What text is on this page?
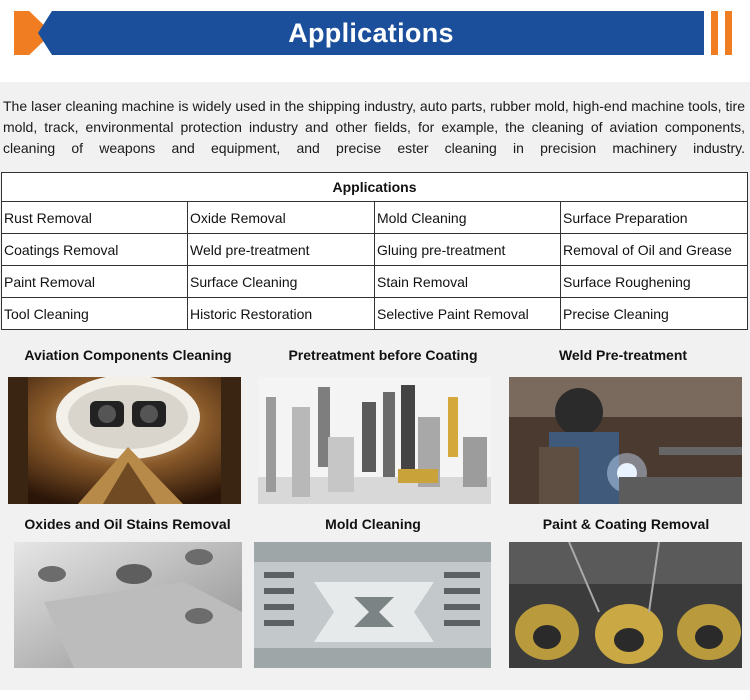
Applications

The laser cleaning machine is widely used in the shipping industry, auto parts, rubber mold, high-end machine tools, tire mold, track, environmental protection industry and other fields, for example, the cleaning of aviation components, cleaning of weapons and equipment, and precise ester cleaning in precision machinery industry.

Applications			
Rust Removal	Oxide Removal	Mold Cleaning	Surface Preparation
Coatings Removal	Weld pre-treatment	Gluing pre-treatment	Removal of Oil and Grease
Paint Removal	Surface Cleaning	Stain Removal	Surface Roughening
Tool Cleaning	Historic Restoration	Selective Paint Removal	Precise Cleaning
Aviation Components Cleaning	Pretreatment before Coating	Weld Pre-treatment
Oxides and Oil Stains Removal	Mold Cleaning	Paint & Coating Removal
